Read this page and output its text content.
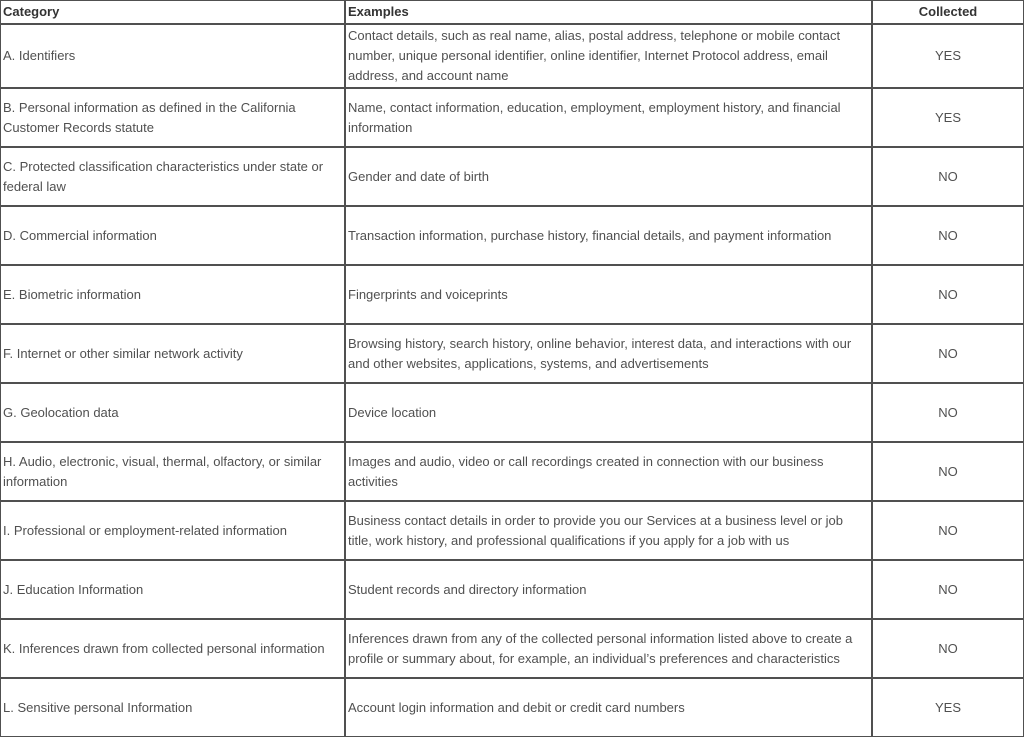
Category	Examples	Collected
A. Identifiers	Contact details, such as real name, alias, postal address, telephone or mobile contact number, unique personal identifier, online identifier, Internet Protocol address, email address, and account name	YES
B. Personal information as defined in the California Customer Records statute	Name, contact information, education, employment, employment history, and financial information	YES
C. Protected classification characteristics under state or federal law	Gender and date of birth	NO
D. Commercial information	Transaction information, purchase history, financial details, and payment information	NO
E. Biometric information	Fingerprints and voiceprints	NO
F. Internet or other similar network activity	Browsing history, search history, online behavior, interest data, and interactions with our and other websites, applications, systems, and advertisements	NO
G. Geolocation data	Device location	NO
H. Audio, electronic, visual, thermal, olfactory, or similar information	Images and audio, video or call recordings created in connection with our business activities	NO
I. Professional or employment-related information	Business contact details in order to provide you our Services at a business level or job title, work history, and professional qualifications if you apply for a job with us	NO
J. Education Information	Student records and directory information	NO
K. Inferences drawn from collected personal information	Inferences drawn from any of the collected personal information listed above to create a profile or summary about, for example, an individual’s preferences and characteristics	NO
L. Sensitive personal Information	Account login information and debit or credit card numbers	YES
